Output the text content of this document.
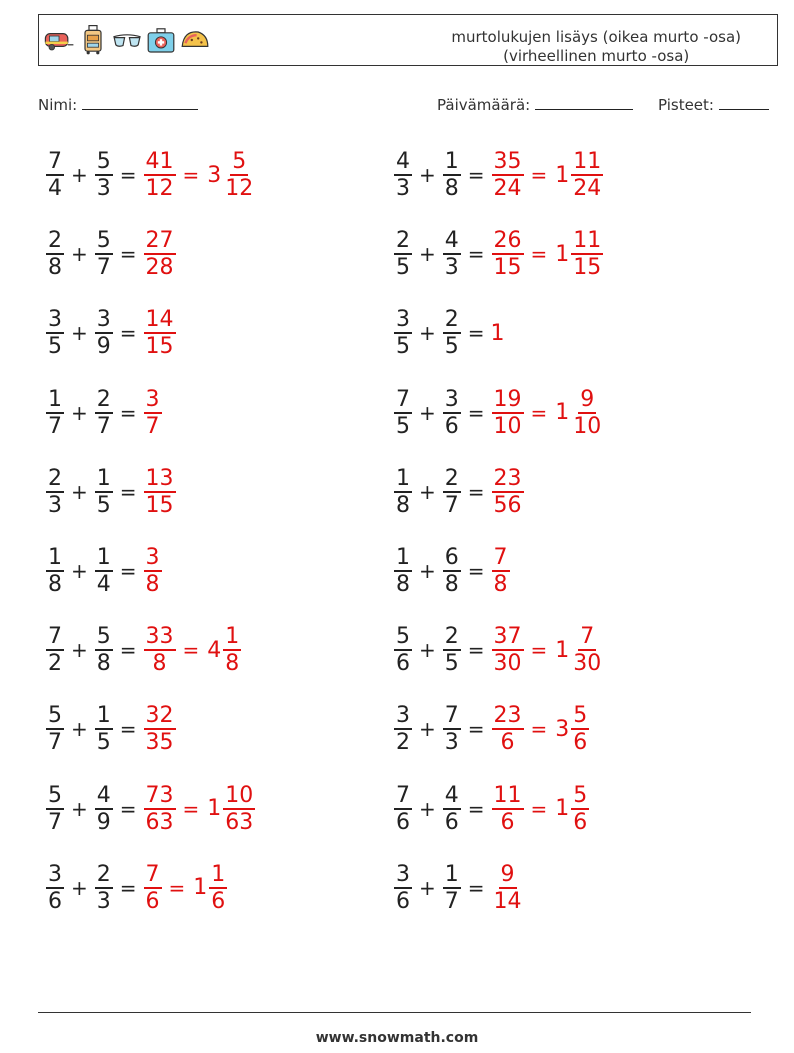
murtolukujen lisäys (oikea murto -osa)
(virheellinen murto -osa)
Nimi:	Päivämäärä:	Pisteet:
$\frac{7}{4} + \frac{5}{3} = \frac{41}{12} = 3 \frac{5}{12}$	$\frac{4}{3} + \frac{1}{8} = \frac{35}{24} = 1 \frac{11}{24}$
$\frac{2}{8} + \frac{5}{7} = \frac{27}{28}$	$\frac{2}{5} + \frac{4}{3} = \frac{26}{15} = 1 \frac{11}{15}$
$\frac{3}{5} + \frac{3}{9} = \frac{14}{15}$	$\frac{3}{5} + \frac{2}{5} = 1$
$\frac{1}{7} + \frac{2}{7} = \frac{3}{7}$	$\frac{7}{5} + \frac{3}{6} = \frac{19}{10} = 1 \frac{9}{10}$
$\frac{2}{3} + \frac{1}{5} = \frac{13}{15}$	$\frac{1}{8} + \frac{2}{7} = \frac{23}{56}$
$\frac{1}{8} + \frac{1}{4} = \frac{3}{8}$	$\frac{1}{8} + \frac{6}{8} = \frac{7}{8}$
$\frac{7}{2} + \frac{5}{8} = \frac{33}{8} = 4 \frac{1}{8}$	$\frac{5}{6} + \frac{2}{5} = \frac{37}{30} = 1 \frac{7}{30}$
$\frac{5}{7} + \frac{1}{5} = \frac{32}{35}$	$\frac{3}{2} + \frac{7}{3} = \frac{23}{6} = 3 \frac{5}{6}$
$\frac{5}{7} + \frac{4}{9} = \frac{73}{63} = 1 \frac{10}{63}$	$\frac{7}{6} + \frac{4}{6} = \frac{11}{6} = 1 \frac{5}{6}$
$\frac{3}{6} + \frac{2}{3} = \frac{7}{6} = 1 \frac{1}{6}$	$\frac{3}{6} + \frac{1}{7} = \frac{9}{14}$
www.snowmath.com
